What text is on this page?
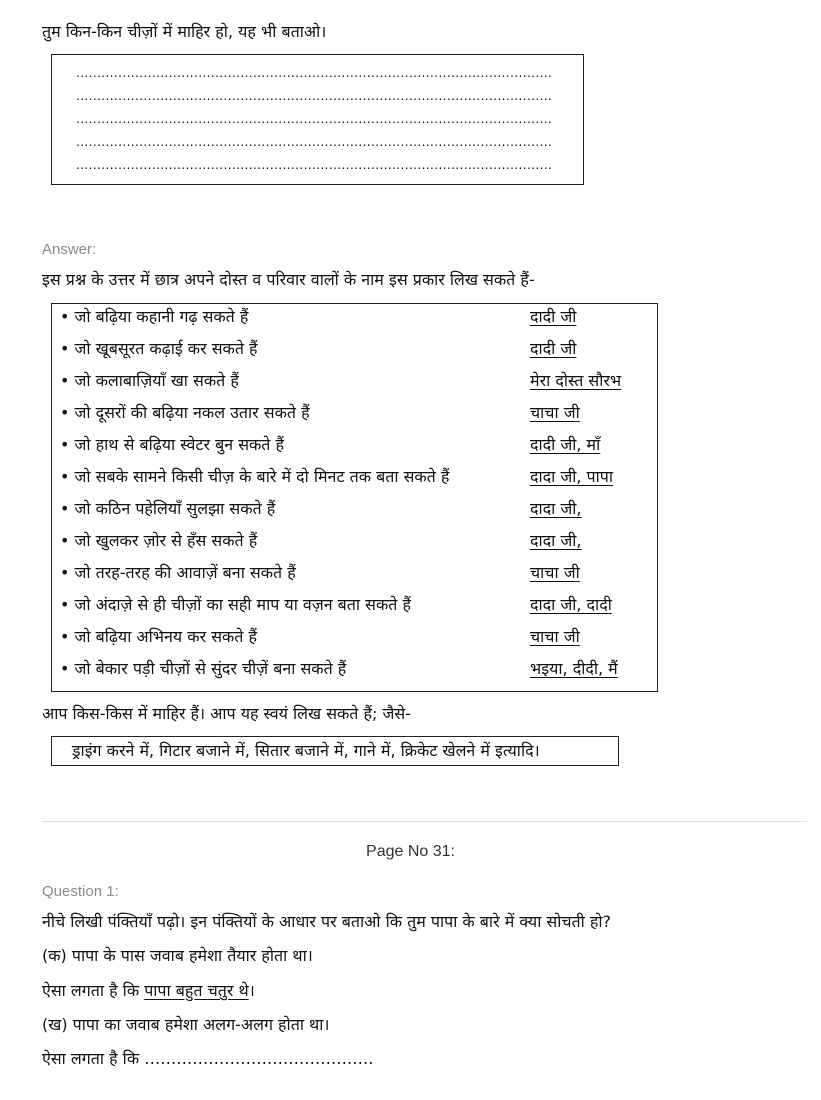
तुम किन-किन चीज़ों में माहिर हो, यह भी बताओ।
.................................................................................................................
.................................................................................................................
.................................................................................................................
.................................................................................................................
.................................................................................................................
Answer:
इस प्रश्न के उत्तर में छात्र अपने दोस्त व परिवार वालों के नाम इस प्रकार लिख सकते हैं-
• जो बढ़िया कहानी गढ़ सकते हैं	दादी जी
• जो खूबसूरत कढ़ाई कर सकते हैं	दादी जी
• जो कलाबाज़ियाँ खा सकते हैं	मेरा दोस्त सौरभ
• जो दूसरों की बढ़िया नकल उतार सकते हैं	चाचा जी
• जो हाथ से बढ़िया स्वेटर बुन सकते हैं	दादी जी, माँ
• जो सबके सामने किसी चीज़ के बारे में दो मिनट तक बता सकते हैं	दादा जी, पापा
• जो कठिन पहेलियाँ सुलझा सकते हैं	दादा जी,
• जो खुलकर ज़ोर से हँस सकते हैं	दादा जी,
• जो तरह-तरह की आवाज़ें बना सकते हैं	चाचा जी
• जो अंदाज़े से ही चीज़ों का सही माप या वज़न बता सकते हैं	दादा जी, दादी
• जो बढ़िया अभिनय कर सकते हैं	चाचा जी
• जो बेकार पड़ी चीज़ों से सुंदर चीज़ें बना सकते हैं	भइया, दीदी, मैं
आप किस-किस में माहिर हैं। आप यह स्वयं लिख सकते हैं; जैसे-
ड्राइंग करने में, गिटार बजाने में, सितार बजाने में, गाने में, क्रिकेट खेलने में इत्यादि।
Page No 31:
Question 1:
नीचे लिखी पंक्तियाँ पढ़ो। इन पंक्तियों के आधार पर बताओ कि तुम पापा के बारे में क्या सोचती हो?
(क) पापा के पास जवाब हमेशा तैयार होता था।
ऐसा लगता है कि पापा बहुत चतुर थे।
(ख) पापा का जवाब हमेशा अलग-अलग होता था।
ऐसा लगता है कि …………………………………….
